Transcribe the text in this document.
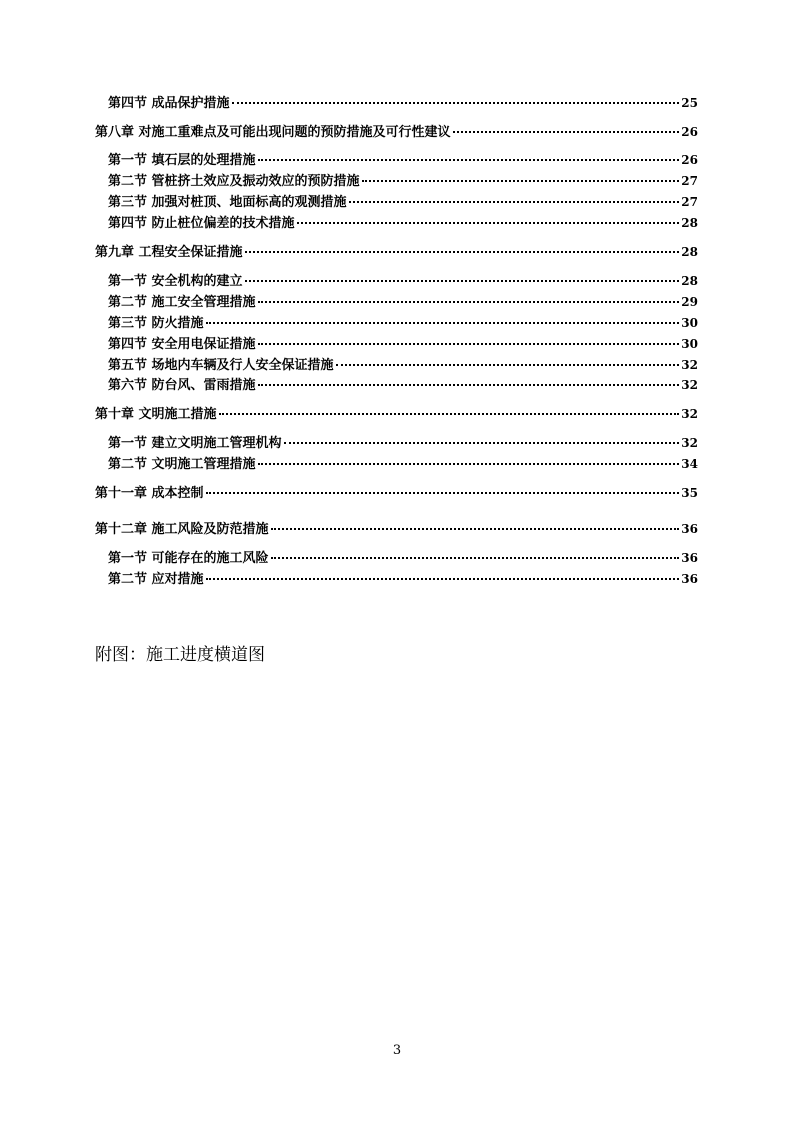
第四节 成品保护措施	25
第八章 对施工重难点及可能出现问题的预防措施及可行性建议	26
第一节 填石层的处理措施	26
第二节 管桩挤土效应及振动效应的预防措施	27
第三节 加强对桩顶、地面标高的观测措施	27
第四节 防止桩位偏差的技术措施	28
第九章 工程安全保证措施	28
第一节 安全机构的建立	28
第二节 施工安全管理措施	29
第三节 防火措施	30
第四节 安全用电保证措施	30
第五节 场地内车辆及行人安全保证措施	32
第六节 防台风、雷雨措施	32
第十章 文明施工措施	32
第一节 建立文明施工管理机构	32
第二节 文明施工管理措施	34
第十一章 成本控制	35
第十二章 施工风险及防范措施	36
第一节 可能存在的施工风险	36
第二节 应对措施	36
附图：施工进度横道图
3
